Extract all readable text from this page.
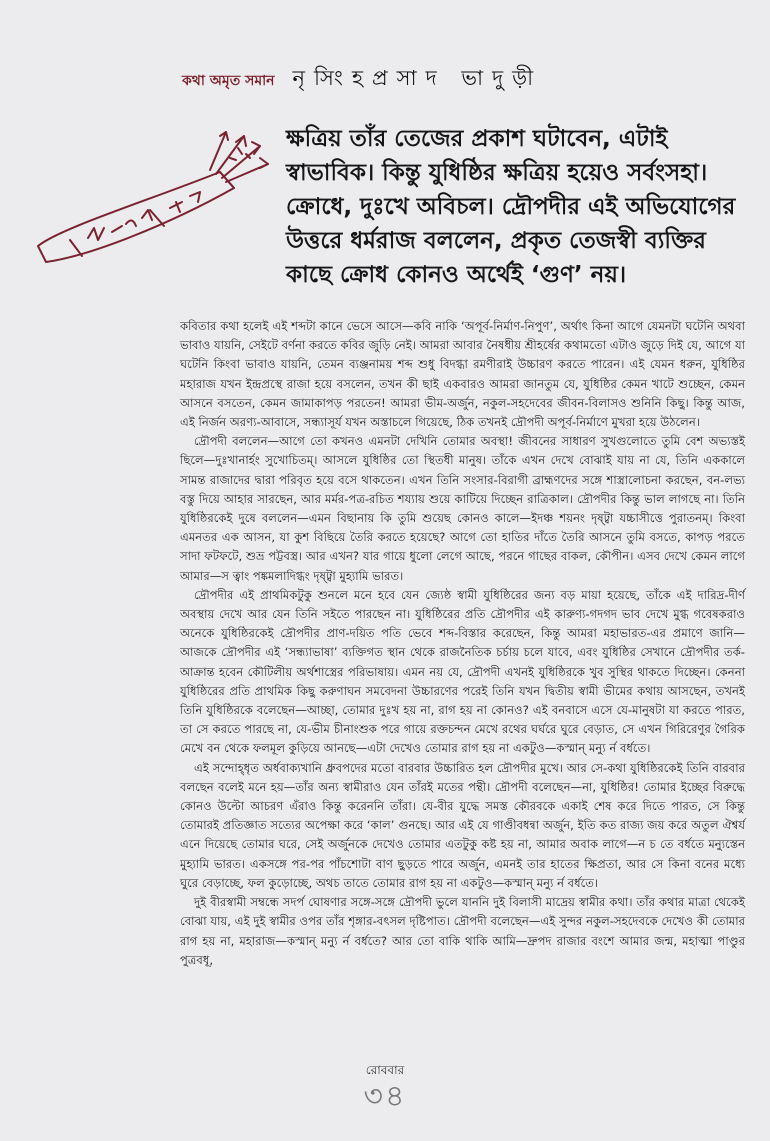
কথা অমৃত সমান নৃসিংহপ্রসাদ ভাদুড়ী

ক্ষত্রিয় তাঁর তেজের প্রকাশ ঘটাবেন, এটাই স্বাভাবিক। কিন্তু যুধিষ্ঠির ক্ষত্রিয় হয়েও সর্বংসহা। ক্রোধে, দুঃখে অবিচল। দ্রৌপদীর এই অভিযোগের উত্তরে ধর্মরাজ বললেন, প্রকৃত তেজস্বী ব্যক্তির কাছে ক্রোধ কোনও অর্থেই ‘গুণ’ নয়।

কবিতার কথা হলেই এই শব্দটা কানে ভেসে আসে—কবি নাকি ‘অপূর্ব-নির্মাণ-নিপুণ’, অর্থাৎ কিনা আগে যেমনটা ঘটেনি অথবা ভাবাও যায়নি, সেইটে বর্ণনা করতে কবির জুড়ি নেই। আমরা আবার নৈষধীয় শ্রীহর্ষের কথামতো এটাও জুড়ে দিই যে, আগে যা ঘটেনি কিংবা ভাবাও যায়নি, তেমন ব্যঞ্জনাময় শব্দ শুধু বিদগ্ধা রমণীরাই উচ্চারণ করতে পারেন। এই যেমন ধরুন, যুধিষ্ঠির মহারাজ যখন ইন্দ্রপ্রস্থে রাজা হয়ে বসলেন, তখন কী ছাই একবারও আমরা জানতুম যে, যুধিষ্ঠির কেমন খাটে শুচ্ছেন, কেমন আসনে বসতেন, কেমন জামাকাপড় পরতেন! আমরা ভীম-অর্জুন, নকুল-সহদেবের জীবন-বিলাসও শুনিনি কিছু। কিন্তু আজ, এই নির্জন অরণ্য-আবাসে, সন্ধ্যাসূর্য যখন অস্তাচলে গিয়েছে, ঠিক তখনই দ্রৌপদী অপূর্ব-নির্মাণে মুখরা হয়ে উঠলেন।

দ্রৌপদী বললেন—আগে তো কখনও এমনটা দেখিনি তোমার অবস্থা! জীবনের সাধারণ সুখগুলোতে তুমি বেশ অভ্যস্তই ছিলে—দুঃখানার্হং সুখোচিতম্। আসলে যুধিষ্ঠির তো স্থিতধী মানুষ। তাঁকে এখন দেখে বোঝাই যায় না যে, তিনি এককালে সামন্ত রাজাদের দ্বারা পরিবৃত হয়ে বসে থাকতেন। এখন তিনি সংসার-বিরাগী ব্রাহ্মণদের সঙ্গে শাস্ত্রালোচনা করছেন, বন-লভ্য বস্তু দিয়ে আহার সারছেন, আর মর্মর-পত্র-রচিত শয্যায় শুয়ে কাটিয়ে দিচ্ছেন রাত্রিকাল। দ্রৌপদীর কিন্তু ভাল লাগছে না। তিনি যুধিষ্ঠিরকেই দুষে বললেন—এমন বিছানায় কি তুমি শুয়েছ কোনও কালে—ইদঞ্চ শয়নং দৃষ্ট্বা যচ্চাসীত্তে পুরাতনম্। কিংবা এমনতর এক আসন, যা কুশ বিছিয়ে তৈরি করতে হয়েছে? আগে তো হাতির দাঁতে তৈরি আসনে তুমি বসতে, কাপড় পরতে সাদা ফটফটে, শুভ্র পট্টবস্ত্র। আর এখন? যার গায়ে ধুলো লেগে আছে, পরনে গাছের বাকল, কৌপীন। এসব দেখে কেমন লাগে আমার—স ত্বাং পঙ্কমলাদিগ্ধং দৃষ্ট্বা মুহ্যামি ভারত।

দ্রৌপদীর এই প্রাথমিকটুকু শুনলে মনে হবে যেন জ্যেষ্ঠ স্বামী যুধিষ্ঠিরের জন্য বড় মায়া হয়েছে, তাঁকে এই দারিদ্র-দীর্ণ অবস্থায় দেখে আর যেন তিনি সইতে পারছেন না। যুধিষ্ঠিরের প্রতি দ্রৌপদীর এই কারুণ্য-গদগদ ভাব দেখে মুগ্ধ গবেষকরাও অনেকে যুধিষ্ঠিরকেই দ্রৌপদীর প্রাণ-দয়িত পতি ভেবে শব্দ-বিস্তার করেছেন, কিন্তু আমরা মহাভারত-এর প্রমাণে জানি—আজকে দ্রৌপদীর এই ‘সন্ধ্যাভাষা’ ব্যক্তিগত স্থান থেকে রাজনৈতিক চর্চায় চলে যাবে, এবং যুধিষ্ঠির সেখানে দ্রৌপদীর তর্ক-আক্রান্ত হবেন কৌটিলীয় অর্থশাস্ত্রের পরিভাষায়। এমন নয় যে, দ্রৌপদী এখনই যুধিষ্ঠিরকে খুব সুস্থির থাকতে দিচ্ছেন। কেননা যুধিষ্ঠিরের প্রতি প্রাথমিক কিছু করুণাঘন সমবেদনা উচ্চারণের পরেই তিনি যখন দ্বিতীয় স্বামী ভীমের কথায় আসছেন, তখনই তিনি যুধিষ্ঠিরকে বলেছেন—আচ্ছা, তোমার দুঃখ হয় না, রাগ হয় না কোনও? এই বনবাসে এসে যে-মানুষটা যা করতে পারত, তা সে করতে পারছে না, যে-ভীম চীনাংশুক পরে গায়ে রক্তচন্দন মেখে রথের ঘর্ঘরে ঘুরে বেড়াত, সে এখন গিরিরেণুর গৈরিক মেখে বন থেকে ফলমূল কুড়িয়ে আনছে—এটা দেখেও তোমার রাগ হয় না একটুও—কস্মান্ মন্যু র্ন বর্ধতে।

এই সন্দোহ্ধৃত অর্ধবাক্যখানি ধ্রুবপদের মতো বারবার উচ্চারিত হল দ্রৌপদীর মুখে। আর সে-কথা যুধিষ্ঠিরকেই তিনি বারবার বলছেন বলেই মনে হয়—তাঁর অন্য স্বামীরাও যেন তাঁরই মতের পন্থী। দ্রৌপদী বলেছেন—না, যুধিষ্ঠির! তোমার ইচ্ছের বিরুদ্ধে কোনও উল্টো আচরণ এঁরাও কিন্তু করেননি তাঁরা। যে-বীর যুদ্ধে সমস্ত কৌরবকে একাই শেষ করে দিতে পারত, সে কিন্তু তোমারই প্রতিজ্ঞাত সত্যের অপেক্ষা করে ‘কাল’ গুনছে। আর এই যে গাণ্ডীবধন্বা অর্জুন, ইতি কত রাজ্য জয় করে অতুল ঐশ্বর্য এনে দিয়েছে তোমার ঘরে, সেই অর্জুনকে দেখেও তোমার এতটুকু কষ্ট হয় না, আমার অবাক লাগে—ন চ তে বর্ধতে মন্যুস্তেন মুহ্যামি ভারত। একসঙ্গে পর-পর পাঁচশোটা বাণ ছুড়তে পারে অর্জুন, এমনই তার হাতের ক্ষিপ্রতা, আর সে কিনা বনের মধ্যে ঘুরে বেড়াচ্ছে, ফল কুড়োচ্ছে, অথচ তাতে তোমার রাগ হয় না একটুও—কস্মান্ মন্যু র্ন বর্ধতে।

দুই বীরস্বামী সম্বন্ধে সদর্প ঘোষণার সঙ্গে-সঙ্গে দ্রৌপদী ভুলে যাননি দুই বিলাসী মাদ্রেয় স্বামীর কথা। তাঁর কথার মাত্রা থেকেই বোঝা যায়, এই দুই স্বামীর ওপর তাঁর শৃঙ্গার-বৎসল দৃষ্টিপাত। দ্রৌপদী বলেছেন—এই সুন্দর নকুল-সহদেবকে দেখেও কী তোমার রাগ হয় না, মহারাজ—কস্মান্ মন্যু র্ন বর্ধতে? আর তো বাকি থাকি আমি—দ্রুপদ রাজার বংশে আমার জন্ম, মহাত্মা পাণ্ডুর পুত্রবধূ,

রোববার
৩৪
